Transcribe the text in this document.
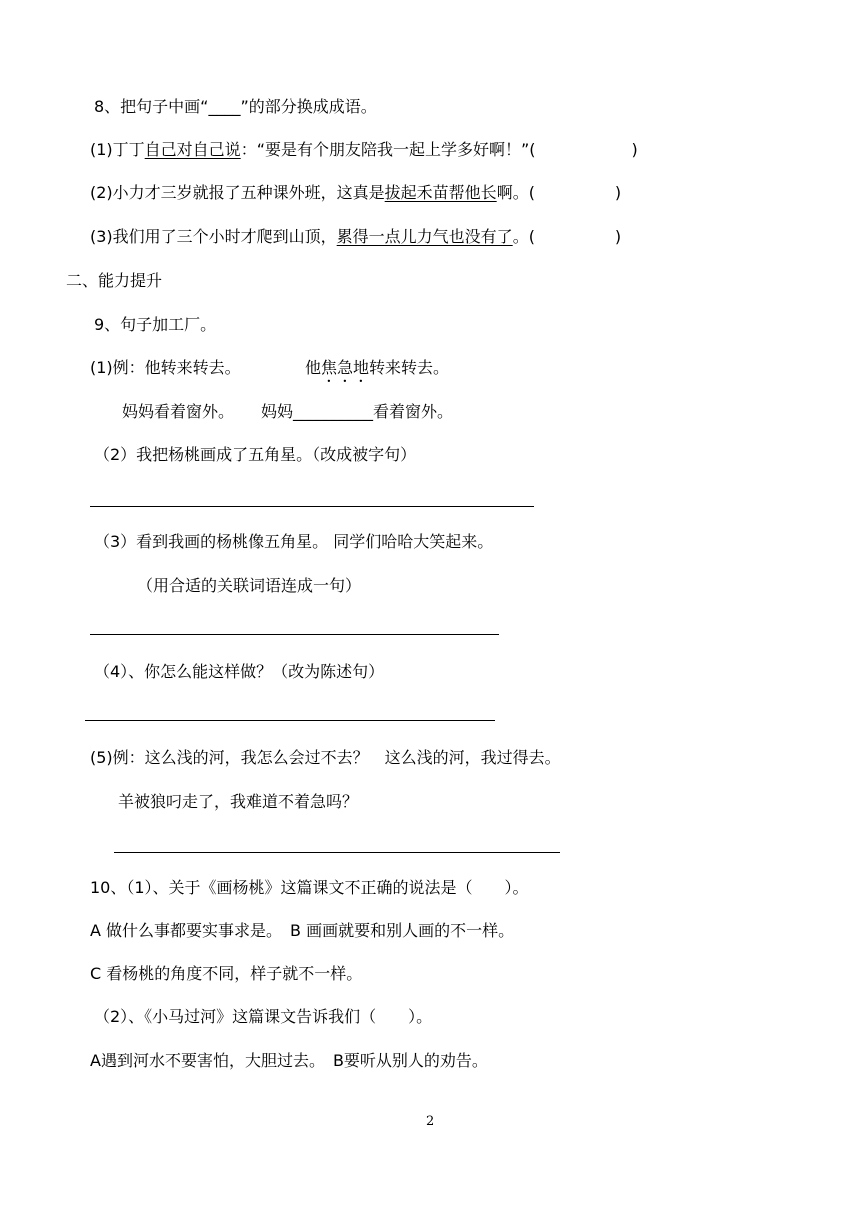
8、把句子中画“____”的部分换成成语。
(1)丁丁自己对自己说：“要是有个朋友陪我一起上学多好啊！”(　　　　　　)
(2)小力才三岁就报了五种课外班，这真是拔起禾苗帮他长啊。(　　　　　)
(3)我们用了三个小时才爬到山顶，累得一点儿力气也没有了。(　　　　　)
二、能力提升
9、句子加工厂。
(1)例：他转来转去。	他焦急地转来转去。
妈妈看着窗外。 妈妈__________看着窗外。
（2）我把杨桃画成了五角星。（改成被字句）
（3）看到我画的杨桃像五角星。 同学们哈哈大笑起来。
（用合适的关联词语连成一句）
（4）、你怎么能这样做？（改为陈述句）
(5)例：这么浅的河，我怎么会过不去？　这么浅的河，我过得去。
羊被狼叼走了，我难道不着急吗？
10、（1）、关于《画杨桃》这篇课文不正确的说法是（　　）。
A 做什么事都要实事求是。　B 画画就要和别人画的不一样。
C 看杨桃的角度不同，样子就不一样。
（2）、《小马过河》这篇课文告诉我们（　　）。
A遇到河水不要害怕，大胆过去。　B要听从别人的劝告。
2
